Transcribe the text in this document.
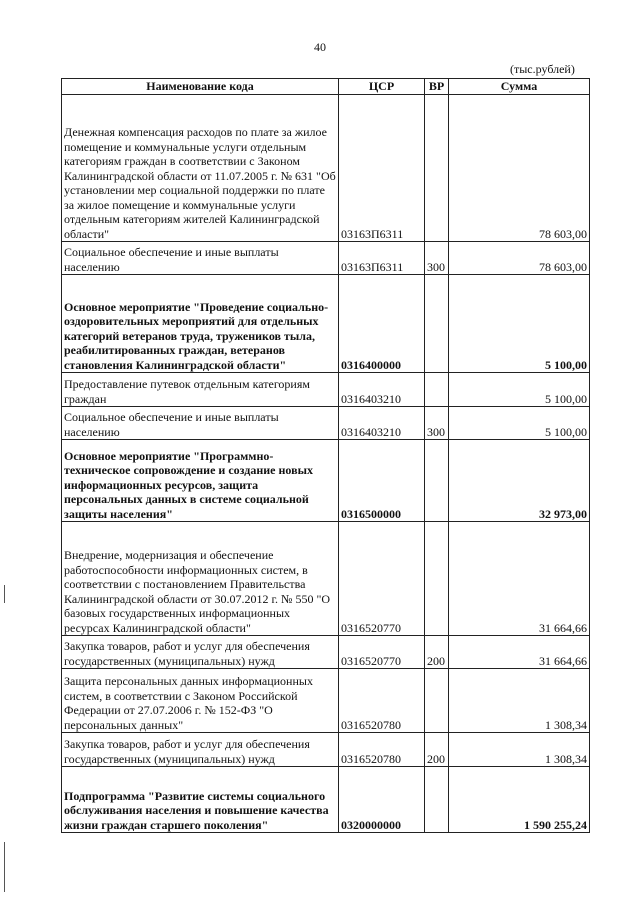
40
(тыс.рублей)
Наименование кода	ЦСР	ВР	Сумма
Денежная компенсация расходов по плате за жилое помещение и коммунальные услуги отдельным категориям граждан в соответствии с Законом Калининградской области от 11.07.2005 г. № 631 "Об установлении мер социальной поддержки по плате за жилое помещение и коммунальные услуги отдельным категориям жителей Калининградской области"	03163П6311		78 603,00
Социальное обеспечение и иные выплаты населению	03163П6311	300	78 603,00
Основное мероприятие "Проведение социально-оздоровительных мероприятий для отдельных категорий ветеранов труда, тружеников тыла, реабилитированных граждан, ветеранов становления Калининградской области"	0316400000		5 100,00
Предоставление путевок отдельным категориям граждан	0316403210		5 100,00
Социальное обеспечение и иные выплаты населению	0316403210	300	5 100,00
Основное мероприятие "Программно-техническое сопровождение и создание новых информационных ресурсов, защита персональных данных в системе социальной защиты населения"	0316500000		32 973,00
Внедрение, модернизация и обеспечение работоспособности информационных систем, в соответствии с постановлением Правительства Калининградской области от 30.07.2012 г. № 550 "О базовых государственных информационных ресурсах Калининградской области"	0316520770		31 664,66
Закупка товаров, работ и услуг для обеспечения государственных (муниципальных) нужд	0316520770	200	31 664,66
Защита персональных данных информационных систем, в соответствии с Законом Российской Федерации от 27.07.2006 г. № 152-ФЗ "О персональных данных"	0316520780		1 308,34
Закупка товаров, работ и услуг для обеспечения государственных (муниципальных) нужд	0316520780	200	1 308,34
Подпрограмма "Развитие системы социального обслуживания населения и повышение качества жизни граждан старшего поколения"	0320000000		1 590 255,24
